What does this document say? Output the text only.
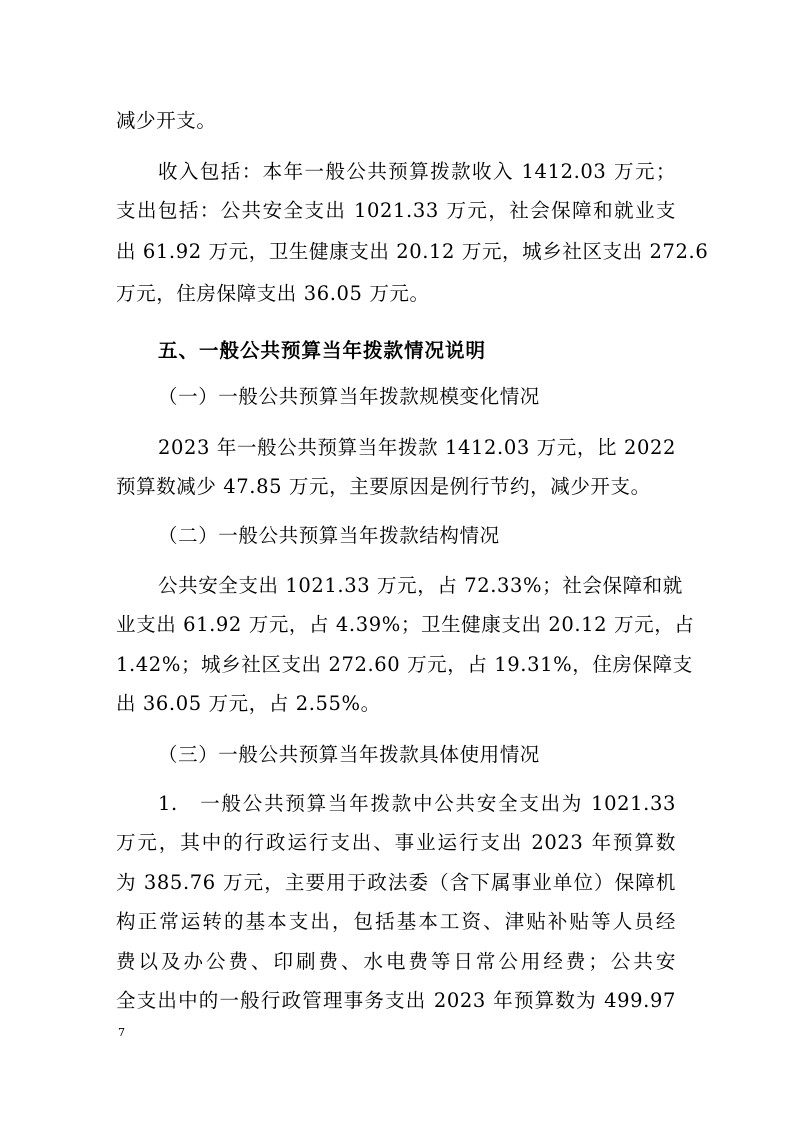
减少开支。
收入包括：本年一般公共预算拨款收入 1412.03 万元；
支出包括：公共安全支出 1021.33 万元，社会保障和就业支
出 61.92 万元，卫生健康支出 20.12 万元，城乡社区支出 272.6
万元，住房保障支出 36.05 万元。
五、一般公共预算当年拨款情况说明
（一）一般公共预算当年拨款规模变化情况
2023 年一般公共预算当年拨款 1412.03 万元，比 2022
预算数减少 47.85 万元，主要原因是例行节约，减少开支。
（二）一般公共预算当年拨款结构情况
公共安全支出 1021.33 万元，占 72.33%；社会保障和就
业支出 61.92 万元，占 4.39%；卫生健康支出 20.12 万元，占
1.42%；城乡社区支出 272.60 万元，占 19.31%，住房保障支
出 36.05 万元，占 2.55%。
（三）一般公共预算当年拨款具体使用情况
1.　一般公共预算当年拨款中公共安全支出为 1021.33
万元，其中的行政运行支出、事业运行支出 2023 年预算数
为 385.76 万元，主要用于政法委（含下属事业单位）保障机
构正常运转的基本支出，包括基本工资、津贴补贴等人员经
费以及办公费、印刷费、水电费等日常公用经费；公共安
全支出中的一般行政管理事务支出 2023 年预算数为 499.97
7
